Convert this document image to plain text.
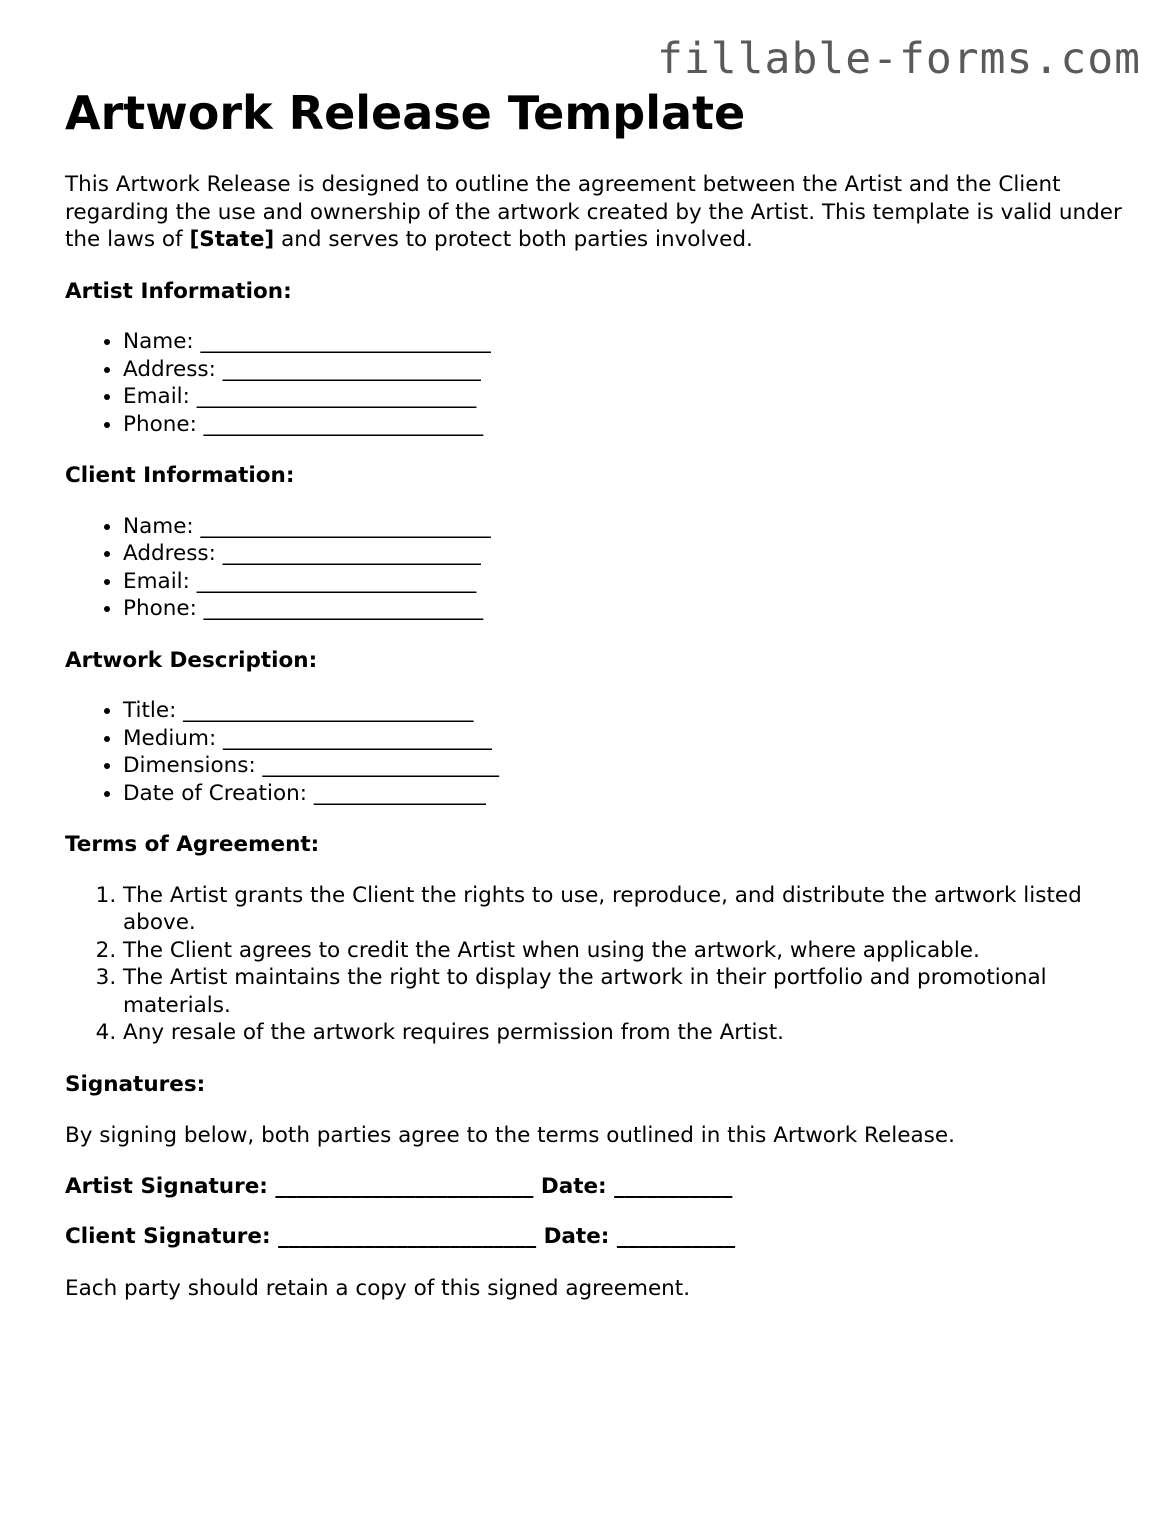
fillable-forms.com
Artwork Release Template

This Artwork Release is designed to outline the agreement between the Artist and the Client regarding the use and ownership of the artwork created by the Artist. This template is valid under the laws of [State] and serves to protect both parties involved.

Artist Information:
• Name: ___________________________
• Address: ________________________
• Email: __________________________
• Phone: __________________________
Client Information:
• Name: ___________________________
• Address: ________________________
• Email: __________________________
• Phone: __________________________
Artwork Description:
• Title: ___________________________
• Medium: _________________________
• Dimensions: ______________________
• Date of Creation: ________________
Terms of Agreement:
1. The Artist grants the Client the rights to use, reproduce, and distribute the artwork listed above.
2. The Client agrees to credit the Artist when using the artwork, where applicable.
3. The Artist maintains the right to display the artwork in their portfolio and promotional materials.
4. Any resale of the artwork requires permission from the Artist.
Signatures:

By signing below, both parties agree to the terms outlined in this Artwork Release.

Artist Signature: ________________________ Date: ___________

Client Signature: ________________________ Date: ___________

Each party should retain a copy of this signed agreement.
